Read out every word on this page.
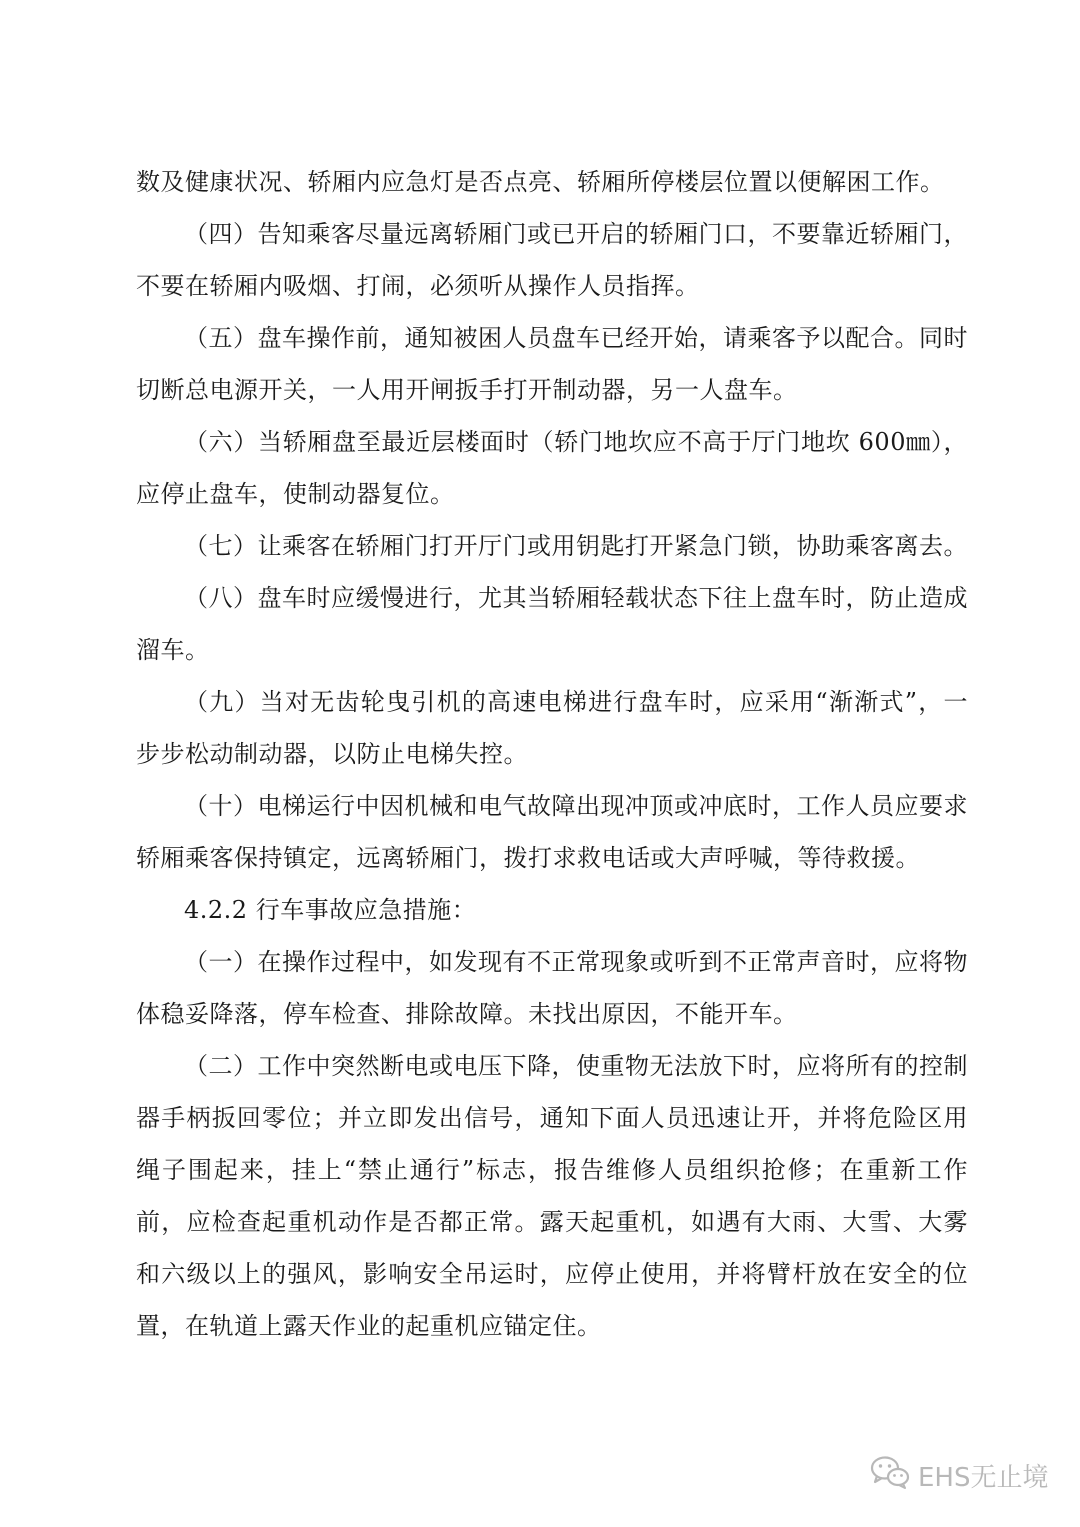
数及健康状况、轿厢内应急灯是否点亮、轿厢所停楼层位置以便解困工作。

（四）告知乘客尽量远离轿厢门或已开启的轿厢门口，不要靠近轿厢门，不要在轿厢内吸烟、打闹，必须听从操作人员指挥。

（五）盘车操作前，通知被困人员盘车已经开始，请乘客予以配合。同时切断总电源开关，一人用开闸扳手打开制动器，另一人盘车。

（六）当轿厢盘至最近层楼面时（轿门地坎应不高于厅门地坎 600㎜），应停止盘车，使制动器复位。

（七）让乘客在轿厢门打开厅门或用钥匙打开紧急门锁，协助乘客离去。

（八）盘车时应缓慢进行，尤其当轿厢轻载状态下往上盘车时，防止造成溜车。

（九）当对无齿轮曳引机的高速电梯进行盘车时，应采用“渐渐式”，一步步松动制动器，以防止电梯失控。

（十）电梯运行中因机械和电气故障出现冲顶或冲底时，工作人员应要求轿厢乘客保持镇定，远离轿厢门，拨打求救电话或大声呼喊，等待救援。

4.2.2 行车事故应急措施：

（一）在操作过程中，如发现有不正常现象或听到不正常声音时，应将物体稳妥降落，停车检查、排除故障。未找出原因，不能开车。

（二）工作中突然断电或电压下降，使重物无法放下时，应将所有的控制器手柄扳回零位；并立即发出信号，通知下面人员迅速让开，并将危险区用绳子围起来，挂上“禁止通行”标志，报告维修人员组织抢修；在重新工作前，应检查起重机动作是否都正常。露天起重机，如遇有大雨、大雪、大雾和六级以上的强风，影响安全吊运时，应停止使用，并将臂杆放在安全的位置，在轨道上露天作业的起重机应锚定住。

EHS无止境
